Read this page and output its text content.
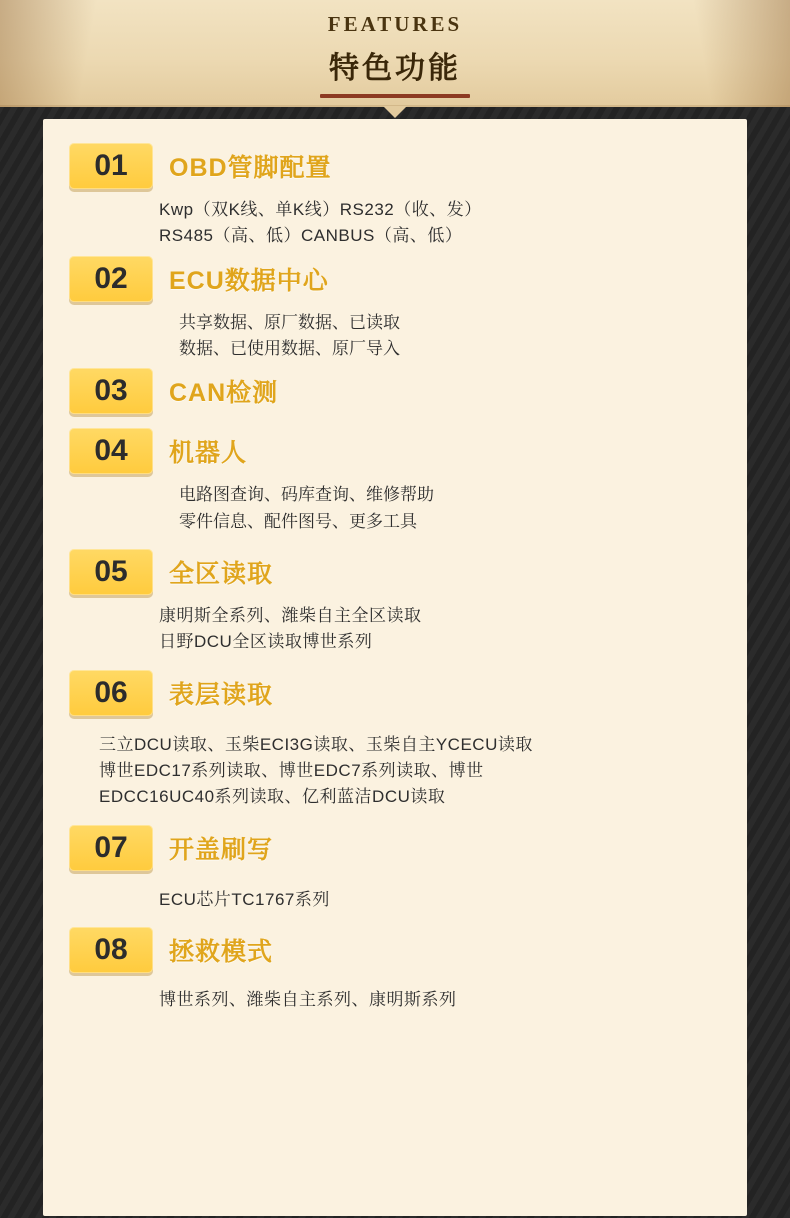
FEATURES
特色功能
01	OBD管脚配置
Kwp（双K线、单K线）RS232（收、发）
RS485（高、低）CANBUS（高、低）
02	ECU数据中心
共享数据、原厂数据、已读取
数据、已使用数据、原厂导入
03	CAN检测
04	机器人
电路图查询、码库查询、维修帮助
零件信息、配件图号、更多工具
05	全区读取
康明斯全系列、潍柴自主全区读取
日野DCU全区读取博世系列
06	表层读取
三立DCU读取、玉柴ECI3G读取、玉柴自主YCECU读取
博世EDC17系列读取、博世EDC7系列读取、博世
EDCC16UC40系列读取、亿利蓝洁DCU读取
07	开盖刷写
ECU芯片TC1767系列
08	拯救模式
博世系列、潍柴自主系列、康明斯系列
